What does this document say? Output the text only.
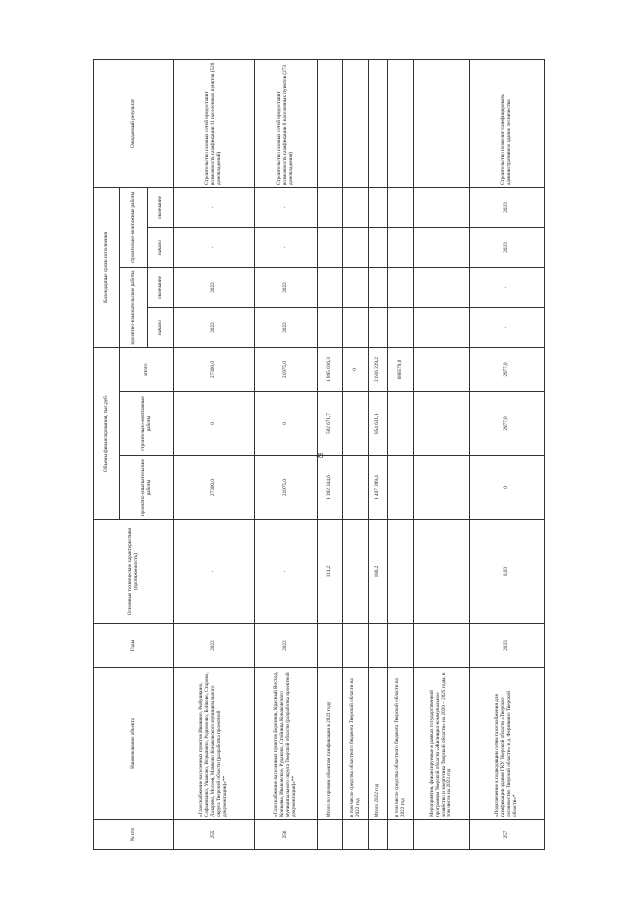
49
№ п/п	Наименование объекта	Годы	Основные технические характеристики (протяженность)	Объемы финансирования, тыс.руб.			Календарные сроки исполнения				Ожидаемый результат
				проектно-изыскательские работы	строительно-монтажные работы	итого	проектно-изыскательские работы		строительно-монтажные работы		
							начало	окончание	начало	окончание	
255	«Газоснабжение населенных пунктов Ивашино, Рыбушкино, Софьинкино, Ушаково, Ворыпино, Родионово, Бойково, Старово, Лазарево, Мосеев, Мамково Конаковского муниципального округа Тверской области (разработка проектной документации)»**	2022	-	27300,0	0	27300,0	2022	2022	-	-	Строительство газовых сетей предоставит возможность газификации 11 населенных пунктов (520 домовладений)
256	«Газоснабжение населенных пунктов Березник, Красный Восход, Копцевы, Ивановское, Рудаково, Стойница Конаковского муниципального округа Тверской области (разработка проектной документации)»**	2022	-	21975,0	0	21975,0	2022	2022	-	-	Строительство газовых сетей предоставит возможность газификации 6 населенных пунктов (273 домовладения)
	Итого по прочим объектам газификации в 2022 году		113,2	1 392 344,6	502 671,7	1 895 016,3					
	в том числе средства областного бюджета Тверской области на 2022 год					0					
	Итого 2022 год		186,2	1 407 399,4	854 631,1	2 616 229,2					
	в том числе средства областного бюджета Тверской области на 2022 год					688579,0					
	Мероприятия, финансируемые в рамках государственной программы Тверской области «Жилищно-коммунальное хозяйство и энергетика Тверской области» на 2020 – 2025 годы, в том числе на 2023 год										
257	«Подключение к подводящим сетям газоснабжения для газификации здания ГКУ Тверской области «Тверское лесничество Тверской области» в д. Ферязкино Тверской области»*	2023	0,03	0	2977,0	2977,0	-	-	2023	2023	Строительство позволит газифицировать административное здание лесничества
